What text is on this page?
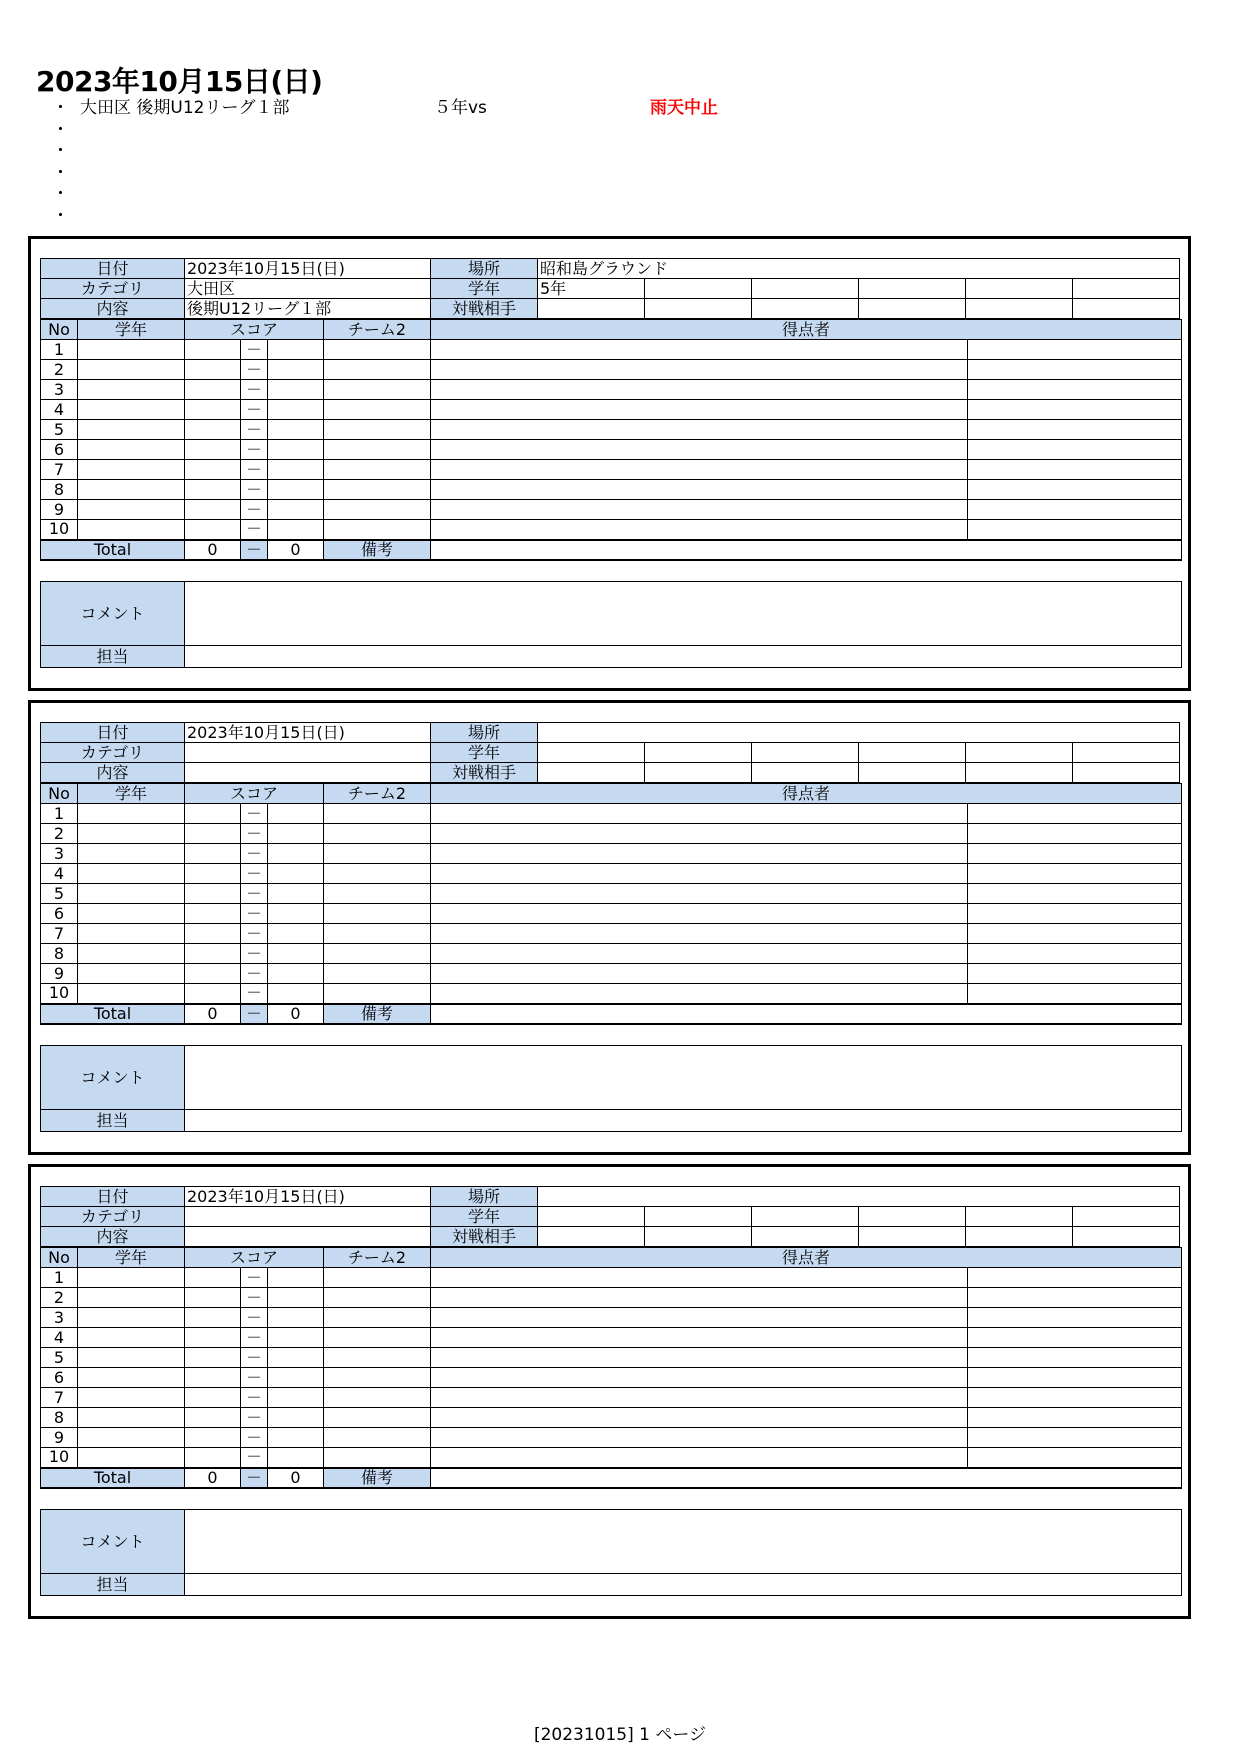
2023年10月15日(日)
・ 大田区 後期U12リーグ１部	５年vs	雨天中止
・
・
・
・
・
日付	2023年10月15日(日)	場所	昭和島グラウンド					
カテゴリ	大田区	学年	5年					
内容	後期U12リーグ１部	対戦相手						
No	学年	スコア			チーム2	得点者	
1			－				
2			－				
3			－				
4			－				
5			－				
6			－				
7			－				
8			－				
9			－				
10			－				
Total		0	－	0	備考		
コメント	
担当	
日付	2023年10月15日(日)	場所						
カテゴリ		学年						
内容		対戦相手						
No	学年	スコア			チーム2	得点者	
1			－				
2			－				
3			－				
4			－				
5			－				
6			－				
7			－				
8			－				
9			－				
10			－				
Total		0	－	0	備考		
コメント	
担当	
日付	2023年10月15日(日)	場所						
カテゴリ		学年						
内容		対戦相手						
No	学年	スコア			チーム2	得点者	
1			－				
2			－				
3			－				
4			－				
5			－				
6			－				
7			－				
8			－				
9			－				
10			－				
Total		0	－	0	備考		
コメント	
担当	
[20231015] 1 ページ
